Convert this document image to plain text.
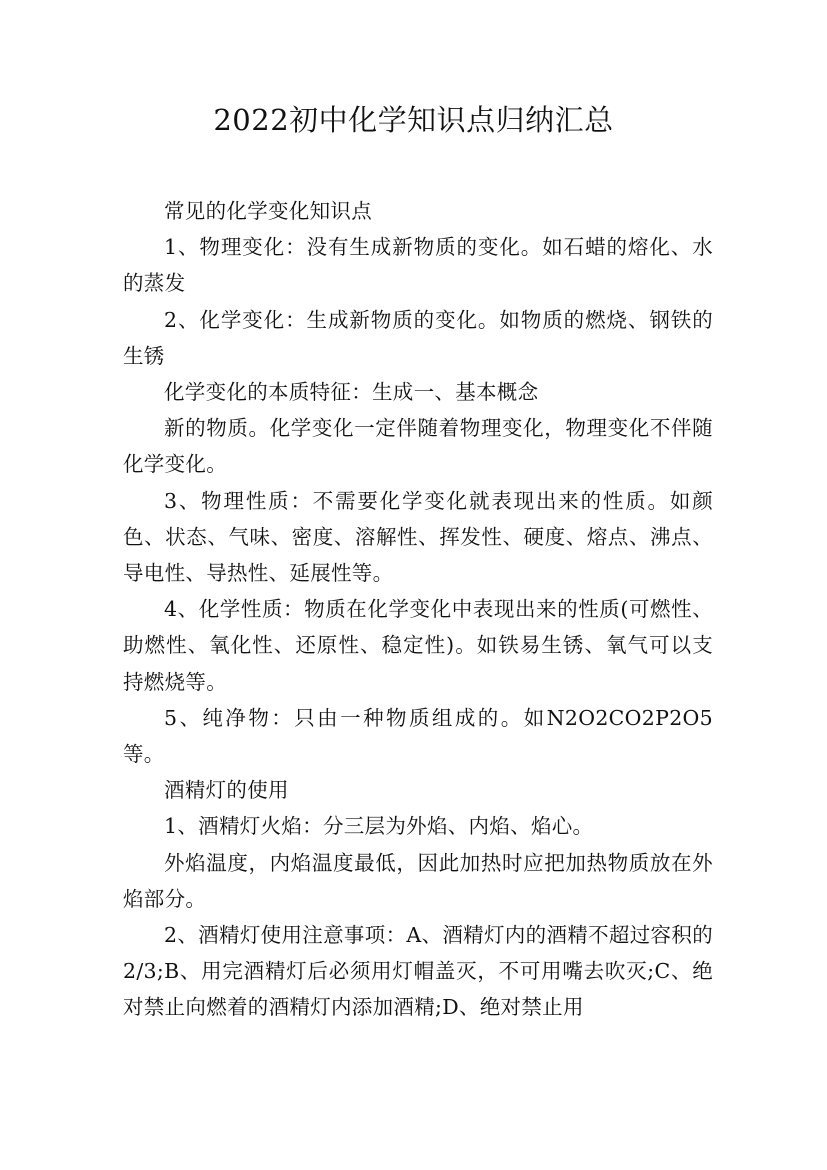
2022初中化学知识点归纳汇总

常见的化学变化知识点

1、物理变化：没有生成新物质的变化。如石蜡的熔化、水的蒸发

2、化学变化：生成新物质的变化。如物质的燃烧、钢铁的生锈

化学变化的本质特征：生成一、基本概念

新的物质。化学变化一定伴随着物理变化，物理变化不伴随化学变化。

3、物理性质：不需要化学变化就表现出来的性质。如颜色、状态、气味、密度、溶解性、挥发性、硬度、熔点、沸点、导电性、导热性、延展性等。

4、化学性质：物质在化学变化中表现出来的性质(可燃性、助燃性、氧化性、还原性、稳定性)。如铁易生锈、氧气可以支持燃烧等。

5、纯净物：只由一种物质组成的。如N2O2CO2P2O5等。

酒精灯的使用

1、酒精灯火焰：分三层为外焰、内焰、焰心。

外焰温度，内焰温度最低，因此加热时应把加热物质放在外焰部分。

2、酒精灯使用注意事项：A、酒精灯内的酒精不超过容积的2/3;B、用完酒精灯后必须用灯帽盖灭，不可用嘴去吹灭;C、绝对禁止向燃着的酒精灯内添加酒精;D、绝对禁止用
